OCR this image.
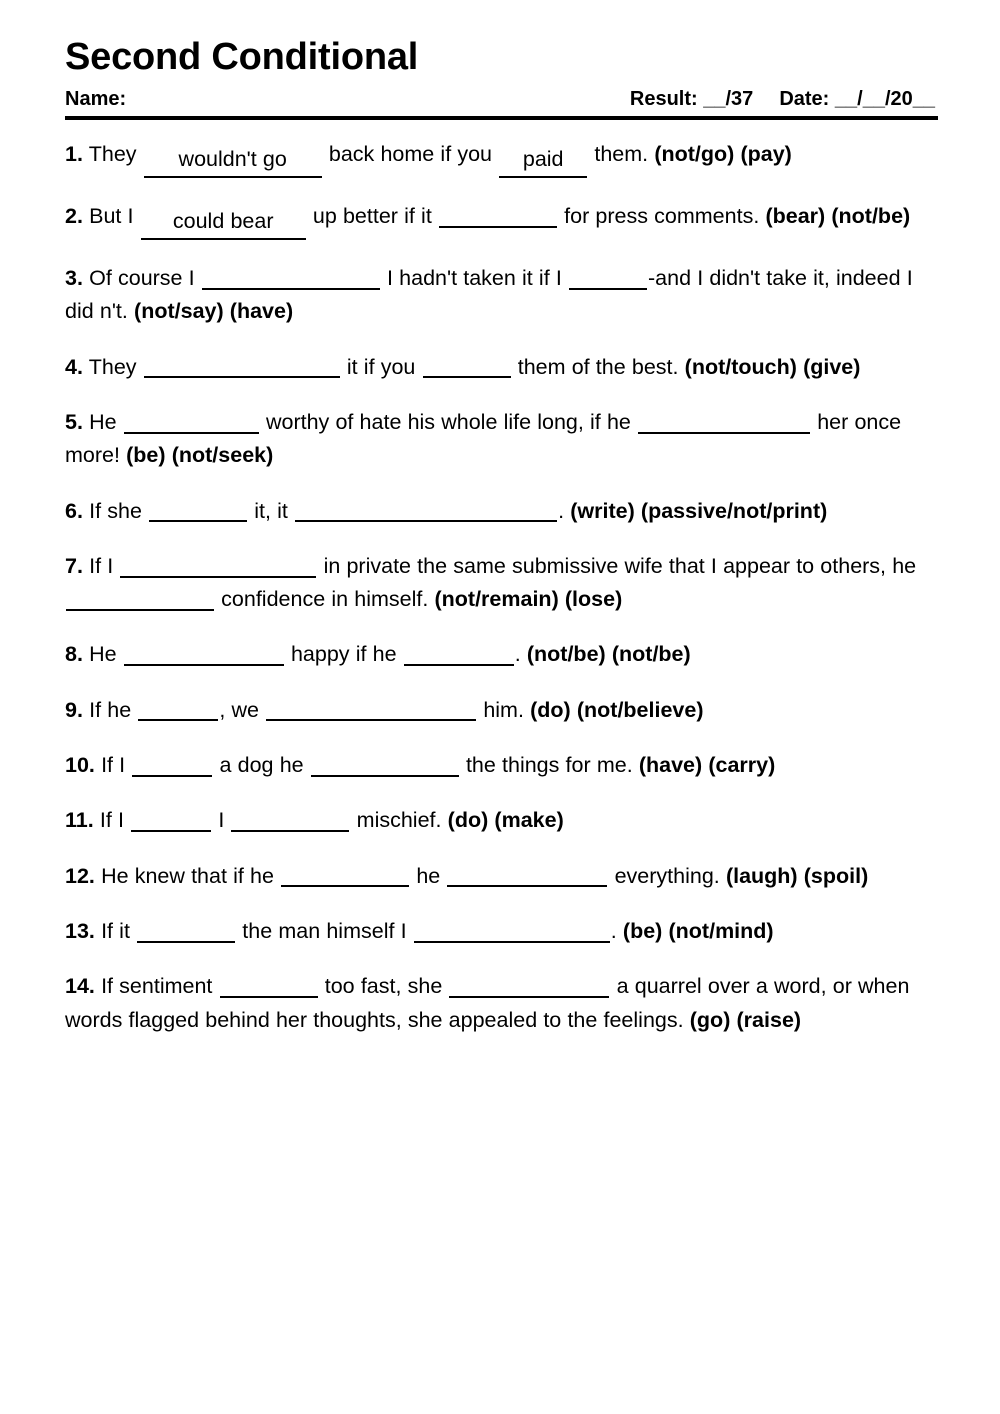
Second Conditional
Name:	Result: __/37 Date: __/__/20__

1. They wouldn't go back home if you paid them. (not/go) (pay)

2. But I could bear up better if it	for press comments. (bear) (not/be)

3. Of course I	I hadn't taken it if I	-and I didn't take it, indeed I did n't. (not/say) (have)

4. They	it if you	them of the best. (not/touch) (give)

5. He	worthy of hate his whole life long, if he	her once more! (be) (not/seek)

6. If she	it, it	. (write) (passive/not/print)

7. If I	in private the same submissive wife that I appear to others, he  confidence in himself. (not/remain) (lose)

8. He	happy if he	. (not/be) (not/be)

9. If he	, we	him. (do) (not/believe)

10. If I	a dog he	the things for me. (have) (carry)

11. If I	I	mischief. (do) (make)

12. He knew that if he	he	everything. (laugh) (spoil)

13. If it	the man himself I	. (be) (not/mind)

14. If sentiment	too fast, she	a quarrel over a word, or when words flagged behind her thoughts, she appealed to the feelings. (go) (raise)
